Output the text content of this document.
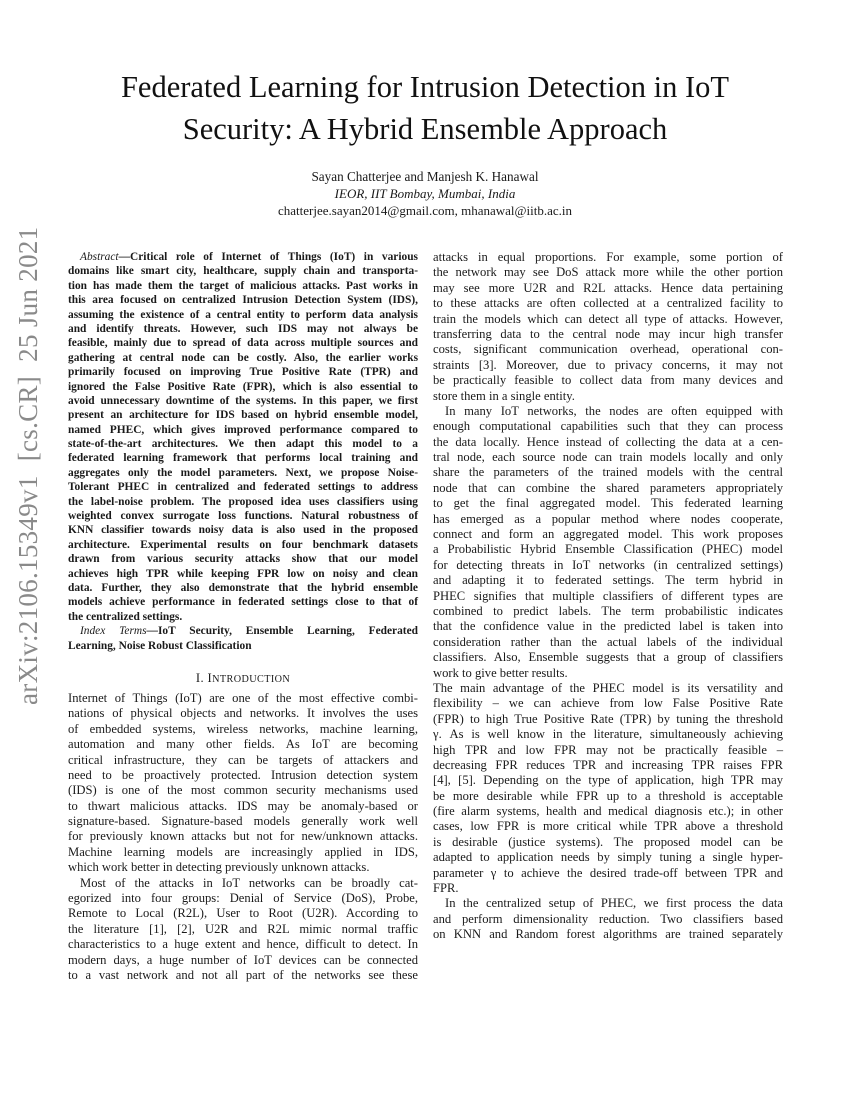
Federated Learning for Intrusion Detection in IoT
Security: A Hybrid Ensemble Approach
Sayan Chatterjee and Manjesh K. Hanawal
IEOR, IIT Bombay, Mumbai, India
chatterjee.sayan2014@gmail.com, mhanawal@iitb.ac.in
arXiv:2106.15349v1  [cs.CR]  25 Jun 2021	Abstract—Critical role of Internet of Things (IoT) in various
domains like smart city, healthcare, supply chain and transporta-
tion has made them the target of malicious attacks. Past works in
this area focused on centralized Intrusion Detection System (IDS),
assuming the existence of a central entity to perform data analysis
and identify threats. However, such IDS may not always be
feasible, mainly due to spread of data across multiple sources and
gathering at central node can be costly. Also, the earlier works
primarily focused on improving True Positive Rate (TPR) and
ignored the False Positive Rate (FPR), which is also essential to
avoid unnecessary downtime of the systems. In this paper, we first
present an architecture for IDS based on hybrid ensemble model,
named PHEC, which gives improved performance compared to
state-of-the-art architectures. We then adapt this model to a
federated learning framework that performs local training and
aggregates only the model parameters. Next, we propose Noise-
Tolerant PHEC in centralized and federated settings to address
the label-noise problem. The proposed idea uses classifiers using
weighted convex surrogate loss functions. Natural robustness of
KNN classifier towards noisy data is also used in the proposed
architecture. Experimental results on four benchmark datasets
drawn from various security attacks show that our model
achieves high TPR while keeping FPR low on noisy and clean
data. Further, they also demonstrate that the hybrid ensemble
models achieve performance in federated settings close to that of
the centralized settings.
Index Terms—IoT Security, Ensemble Learning, Federated
Learning, Noise Robust Classification
I. INTRODUCTION
Internet of Things (IoT) are one of the most effective combi-
nations of physical objects and networks. It involves the uses
of embedded systems, wireless networks, machine learning,
automation and many other fields. As IoT are becoming
critical infrastructure, they can be targets of attackers and
need to be proactively protected. Intrusion detection system
(IDS) is one of the most common security mechanisms used
to thwart malicious attacks. IDS may be anomaly-based or
signature-based. Signature-based models generally work well
for previously known attacks but not for new/unknown attacks.
Machine learning models are increasingly applied in IDS,
which work better in detecting previously unknown attacks.
Most of the attacks in IoT networks can be broadly cat-
egorized into four groups: Denial of Service (DoS), Probe,
Remote to Local (R2L), User to Root (U2R). According to
the literature [1], [2], U2R and R2L mimic normal traffic
characteristics to a huge extent and hence, difficult to detect. In
modern days, a huge number of IoT devices can be connected
to a vast network and not all part of the networks see these
attacks in equal proportions. For example, some portion of
the network may see DoS attack more while the other portion
may see more U2R and R2L attacks. Hence data pertaining
to these attacks are often collected at a centralized facility to
train the models which can detect all type of attacks. However,
transferring data to the central node may incur high transfer
costs, significant communication overhead, operational con-
straints [3]. Moreover, due to privacy concerns, it may not
be practically feasible to collect data from many devices and
store them in a single entity.
In many IoT networks, the nodes are often equipped with
enough computational capabilities such that they can process
the data locally. Hence instead of collecting the data at a cen-
tral node, each source node can train models locally and only
share the parameters of the trained models with the central
node that can combine the shared parameters appropriately
to get the final aggregated model. This federated learning
has emerged as a popular method where nodes cooperate,
connect and form an aggregated model. This work proposes
a Probabilistic Hybrid Ensemble Classification (PHEC) model
for detecting threats in IoT networks (in centralized settings)
and adapting it to federated settings. The term hybrid in
PHEC signifies that multiple classifiers of different types are
combined to predict labels. The term probabilistic indicates
that the confidence value in the predicted label is taken into
consideration rather than the actual labels of the individual
classifiers. Also, Ensemble suggests that a group of classifiers
work to give better results.
The main advantage of the PHEC model is its versatility and
flexibility – we can achieve from low False Positive Rate
(FPR) to high True Positive Rate (TPR) by tuning the threshold
γ. As is well know in the literature, simultaneously achieving
high TPR and low FPR may not be practically feasible –
decreasing FPR reduces TPR and increasing TPR raises FPR
[4], [5]. Depending on the type of application, high TPR may
be more desirable while FPR up to a threshold is acceptable
(fire alarm systems, health and medical diagnosis etc.); in other
cases, low FPR is more critical while TPR above a threshold
is desirable (justice systems). The proposed model can be
adapted to application needs by simply tuning a single hyper-
parameter γ to achieve the desired trade-off between TPR and
FPR.
In the centralized setup of PHEC, we first process the data
and perform dimensionality reduction. Two classifiers based
on KNN and Random forest algorithms are trained separately
